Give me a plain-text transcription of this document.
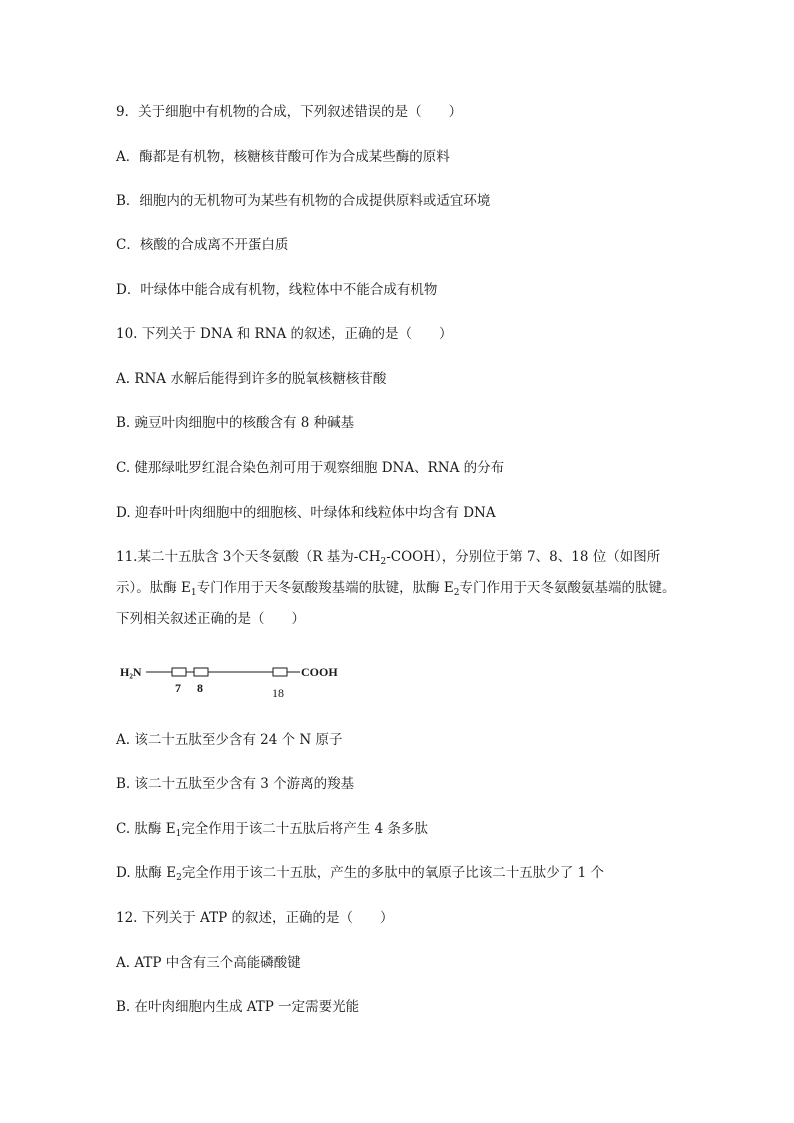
9．关于细胞中有机物的合成，下列叙述错误的是（　　）
A．酶都是有机物，核糖核苷酸可作为合成某些酶的原料
B．细胞内的无机物可为某些有机物的合成提供原料或适宜环境
C．核酸的合成离不开蛋白质
D．叶绿体中能合成有机物，线粒体中不能合成有机物
10. 下列关于 DNA 和 RNA 的叙述，正确的是（　　）
A. RNA 水解后能得到许多的脱氧核糖核苷酸
B. 豌豆叶肉细胞中的核酸含有 8 种碱基
C. 健那绿吡罗红混合染色剂可用于观察细胞 DNA、RNA 的分布
D. 迎春叶叶肉细胞中的细胞核、叶绿体和线粒体中均含有 DNA
11.某二十五肽含 3个天冬氨酸（R 基为$-CH_2-COOH$），分别位于第 7、8、18 位（如图所示）。肽酶 $E_1$专门作用于天冬氨酸羧基端的肽键，肽酶 $E_2$专门作用于天冬氨酸氨基端的肽键。下列相关叙述正确的是（　　）
H₂N	COOH
7 8	18
A. 该二十五肽至少含有 24 个 N 原子
B. 该二十五肽至少含有 3 个游离的羧基
C. 肽酶 $E_1$完全作用于该二十五肽后将产生 4 条多肽
D. 肽酶 $E_2$完全作用于该二十五肽，产生的多肽中的氧原子比该二十五肽少了 1 个
12. 下列关于 ATP 的叙述，正确的是（　　）
A. ATP 中含有三个高能磷酸键
B. 在叶肉细胞内生成 ATP 一定需要光能
